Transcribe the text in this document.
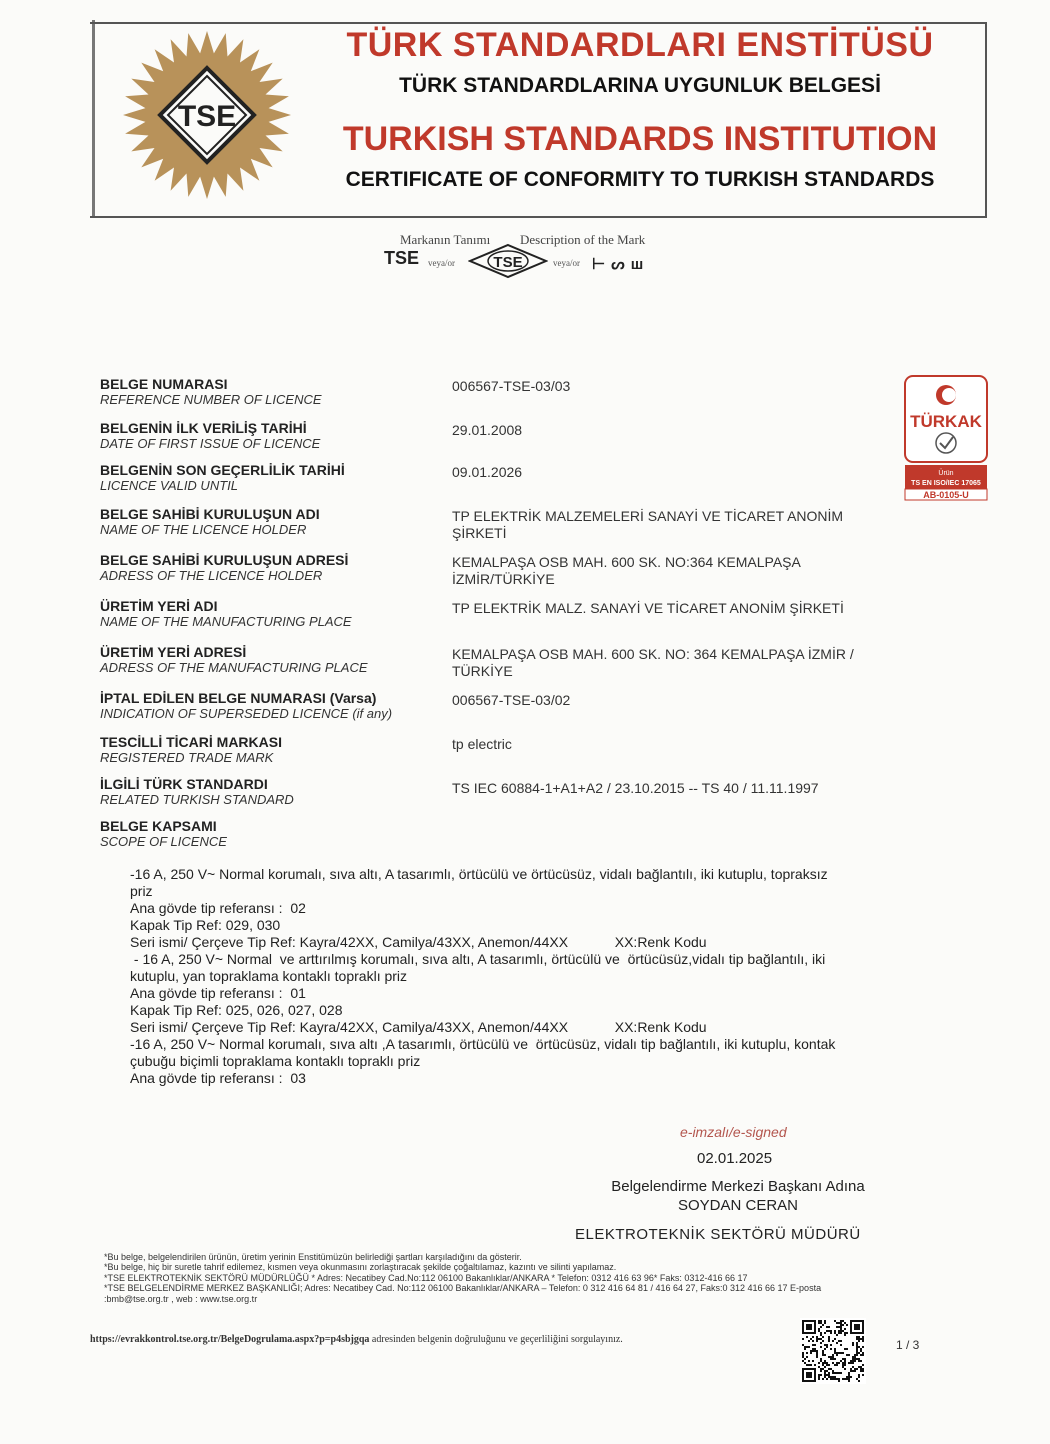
TSE
TÜRK STANDARDLARI ENSTİTÜSÜ
TÜRK STANDARDLARINA UYGUNLUK BELGESİ
TURKISH STANDARDS INSTITUTION
CERTIFICATE OF CONFORMITY TO TURKISH STANDARDS
Markanın Tanımı Description of the Mark
TSE veya/or	TSE	veya/or ⊢ ᔕ ш
BELGE NUMARASI
REFERENCE NUMBER OF LICENCE
006567-TSE-03/03
BELGENİN İLK VERİLİŞ TARİHİ
DATE OF FIRST ISSUE OF LICENCE
29.01.2008
BELGENİN SON GEÇERLİLİK TARİHİ
LICENCE VALID UNTIL
09.01.2026
BELGE SAHİBİ KURULUŞUN ADI
NAME OF THE LICENCE HOLDER
TP ELEKTRİK MALZEMELERİ SANAYİ VE TİCARET ANONİM
ŞİRKETİ
BELGE SAHİBİ KURULUŞUN ADRESİ
ADRESS OF THE LICENCE HOLDER
KEMALPAŞA OSB MAH. 600 SK. NO:364 KEMALPAŞA
İZMİR/TÜRKİYE
ÜRETİM YERİ ADI
NAME OF THE MANUFACTURING PLACE
TP ELEKTRİK MALZ. SANAYİ VE TİCARET ANONİM ŞİRKETİ
ÜRETİM YERİ ADRESİ
ADRESS OF THE MANUFACTURING PLACE
KEMALPAŞA OSB MAH. 600 SK. NO: 364 KEMALPAŞA İZMİR /
TÜRKİYE
İPTAL EDİLEN BELGE NUMARASI (Varsa)
INDICATION OF SUPERSEDED LICENCE (if any)
006567-TSE-03/02
TESCİLLİ TİCARİ MARKASI
REGISTERED TRADE MARK
tp electric
İLGİLİ TÜRK STANDARDI
RELATED TURKISH STANDARD
TS IEC 60884-1+A1+A2 / 23.10.2015 -- TS 40 / 11.11.1997
BELGE KAPSAMI
SCOPE OF LICENCE
TÜRKAK
Ürün
TS EN ISO/IEC 17065
AB-0105-U
-16 A, 250 V~ Normal korumalı, sıva altı, A tasarımlı, örtücülü ve örtücüsüz, vidalı bağlantılı, iki kutuplu, topraksız
priz
Ana gövde tip referansı :  02
Kapak Tip Ref: 029, 030
Seri ismi/ Çerçeve Tip Ref: Kayra/42XX, Camilya/43XX, Anemon/44XX            XX:Renk Kodu
- 16 A, 250 V~ Normal  ve arttırılmış korumalı, sıva altı, A tasarımlı, örtücülü ve  örtücüsüz,vidalı tip bağlantılı, iki
kutuplu, yan topraklama kontaklı topraklı priz
Ana gövde tip referansı :  01
Kapak Tip Ref: 025, 026, 027, 028
Seri ismi/ Çerçeve Tip Ref: Kayra/42XX, Camilya/43XX, Anemon/44XX            XX:Renk Kodu
-16 A, 250 V~ Normal korumalı, sıva altı ,A tasarımlı, örtücülü ve  örtücüsüz, vidalı tip bağlantılı, iki kutuplu, kontak
çubuğu biçimli topraklama kontaklı topraklı priz
Ana gövde tip referansı :  03
e-imzalı/e-signed
02.01.2025
Belgelendirme Merkezi Başkanı Adına
SOYDAN CERAN
ELEKTROTEKNİK SEKTÖRÜ MÜDÜRÜ
*Bu belge, belgelendirilen ürünün, üretim yerinin Enstitümüzün belirlediği şartları karşıladığını da gösterir.
*Bu belge, hiç bir suretle tahrif edilemez, kısmen veya okunmasını zorlaştıracak şekilde çoğaltılamaz, kazıntı ve silinti yapılamaz.
*TSE ELEKTROTEKNİK SEKTÖRÜ MÜDÜRLÜĞÜ * Adres: Necatibey Cad.No:112 06100 Bakanlıklar/ANKARA * Telefon: 0312 416 63 96* Faks: 0312-416 66 17
*TSE BELGELENDİRME MERKEZ BAŞKANLIĞI; Adres: Necatibey Cad. No:112 06100 Bakanlıklar/ANKARA – Telefon: 0 312 416 64 81 / 416 64 27, Faks:0 312 416 66 17 E-posta
:bmb@tse.org.tr , web : www.tse.org.tr
https://evrakkontrol.tse.org.tr/BelgeDogrulama.aspx?p=p4sbjgqa adresinden belgenin doğruluğunu ve geçerliliğini sorgulayınız.	1 / 3
